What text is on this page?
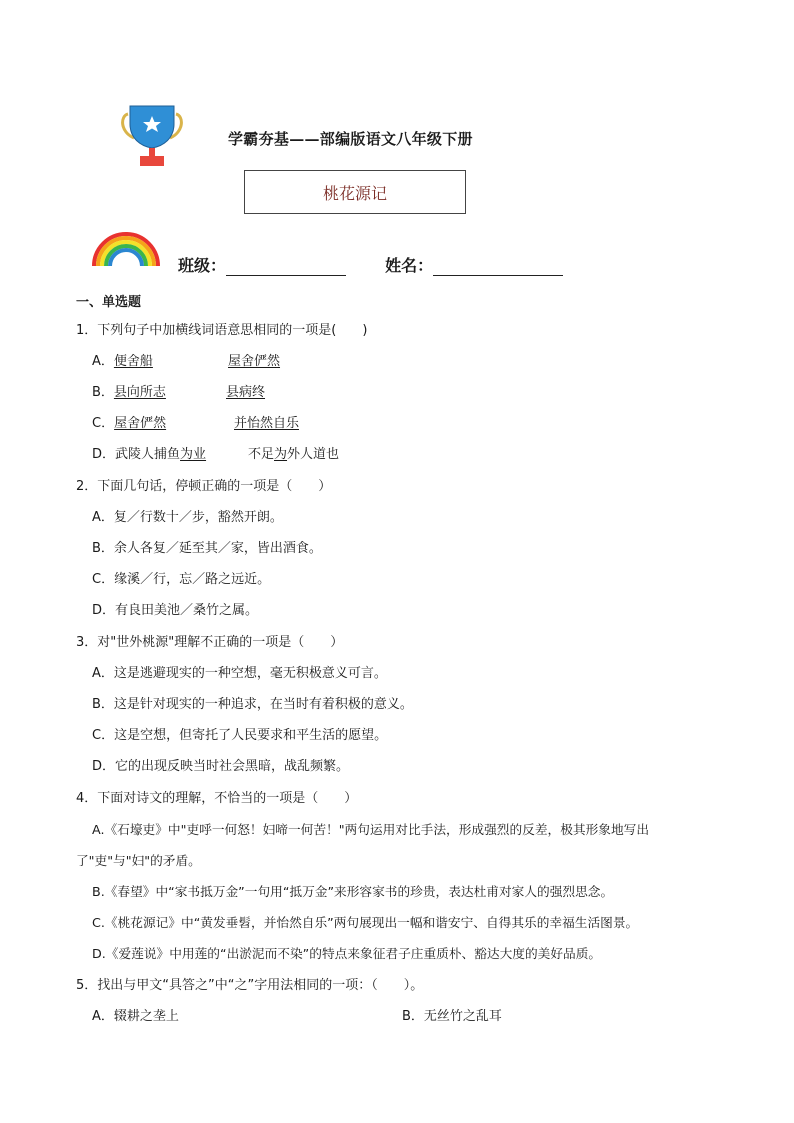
学霸夯基——部编版语文八年级下册
桃花源记
班级：	姓名：
一、单选题
1．下列句子中加横线词语意思相同的一项是(　　)
A．便舍船	屋舍俨然
B．县向所志	县病终
C．屋舍俨然	并怡然自乐
D．武陵人捕鱼为业	不足为外人道也
2．下面几句话，停顿正确的一项是（　　）
A．复／行数十／步，豁然开朗。
B．余人各复／延至其／家，皆出酒食。
C．缘溪／行，忘／路之远近。
D．有良田美池／桑竹之属。
3．对"世外桃源"理解不正确的一项是（　　）
A．这是逃避现实的一种空想，毫无积极意义可言。
B．这是针对现实的一种追求，在当时有着积极的意义。
C．这是空想，但寄托了人民要求和平生活的愿望。
D．它的出现反映当时社会黑暗，战乱频繁。
4．下面对诗文的理解，不恰当的一项是（　　）
A.《石壕吏》中"吏呼一何怒！妇啼一何苦！"两句运用对比手法，形成强烈的反差，极其形象地写出
了"吏"与"妇"的矛盾。
B.《春望》中“家书抵万金”一句用“抵万金”来形容家书的珍贵，表达杜甫对家人的强烈思念。
C.《桃花源记》中“黄发垂髫，并怡然自乐”两句展现出一幅和谐安宁、自得其乐的幸福生活图景。
D.《爱莲说》中用莲的“出淤泥而不染”的特点来象征君子庄重质朴、豁达大度的美好品质。
5．找出与甲文“具答之”中“之”字用法相同的一项：（　　）。
A．辍耕之垄上	B．无丝竹之乱耳
